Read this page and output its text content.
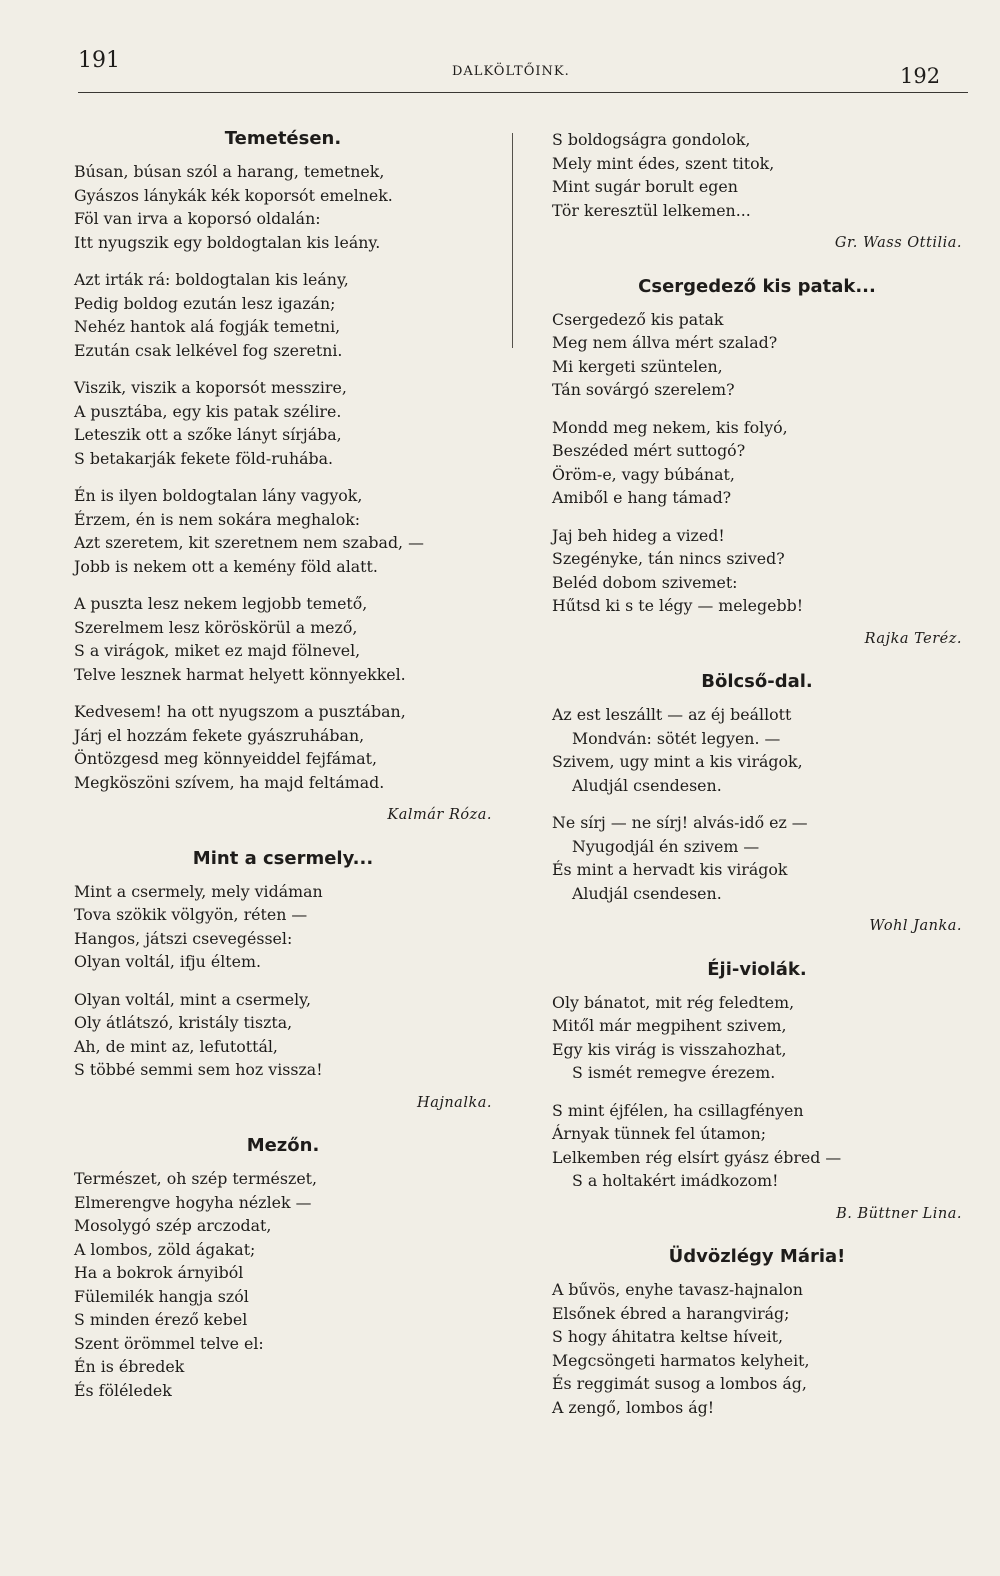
191	DALKÖLTŐINK.	192
Temetésen.
Búsan, búsan szól a harang, temetnek,
Gyászos lánykák kék koporsót emelnek.
Föl van irva a koporsó oldalán:
Itt nyugszik egy boldogtalan kis leány.
Azt irták rá: boldogtalan kis leány,
Pedig boldog ezután lesz igazán;
Nehéz hantok alá fogják temetni,
Ezután csak lelkével fog szeretni.
Viszik, viszik a koporsót messzire,
A pusztába, egy kis patak szélire.
Leteszik ott a szőke lányt sírjába,
S betakarják fekete föld-ruhába.
Én is ilyen boldogtalan lány vagyok,
Érzem, én is nem sokára meghalok:
Azt szeretem, kit szeretnem nem szabad, —
Jobb is nekem ott a kemény föld alatt.
A puszta lesz nekem legjobb temető,
Szerelmem lesz köröskörül a mező,
S a virágok, miket ez majd fölnevel,
Telve lesznek harmat helyett könnyekkel.
Kedvesem! ha ott nyugszom a pusztában,
Járj el hozzám fekete gyászruhában,
Öntözgesd meg könnyeiddel fejfámat,
Megköszöni szívem, ha majd feltámad.
Kalmár Róza.
Mint a csermely...
Mint a csermely, mely vidáman
Tova szökik völgyön, réten —
Hangos, játszi csevegéssel:
Olyan voltál, ifju éltem.
Olyan voltál, mint a csermely,
Oly átlátszó, kristály tiszta,
Ah, de mint az, lefutottál,
S többé semmi sem hoz vissza!
Hajnalka.
Mezőn.
Természet, oh szép természet,
Elmerengve hogyha nézlek —
Mosolygó szép arczodat,
A lombos, zöld ágakat;
Ha a bokrok árnyiból
Fülemilék hangja szól
S minden érező kebel
Szent örömmel telve el:
Én is ébredek
És föléledek
S boldogságra gondolok,
Mely mint édes, szent titok,
Mint sugár borult egen
Tör keresztül lelkemen...
Gr. Wass Ottilia.
Csergedező kis patak...
Csergedező kis patak
Meg nem állva mért szalad?
Mi kergeti szüntelen,
Tán sovárgó szerelem?
Mondd meg nekem, kis folyó,
Beszéded mért suttogó?
Öröm-e, vagy búbánat,
Amiből e hang támad?
Jaj beh hideg a vized!
Szegényke, tán nincs szived?
Beléd dobom szivemet:
Hűtsd ki s te légy — melegebb!
Rajka Teréz.
Bölcső-dal.
Az est leszállt — az éj beállott
Mondván: sötét legyen. —
Szivem, ugy mint a kis virágok,
Aludjál csendesen.
Ne sírj — ne sírj! alvás-idő ez —
Nyugodjál én szivem —
És mint a hervadt kis virágok
Aludjál csendesen.
Wohl Janka.
Éji-violák.
Oly bánatot, mit rég feledtem,
Mitől már megpihent szivem,
Egy kis virág is visszahozhat,
S ismét remegve érezem.
S mint éjfélen, ha csillagfényen
Árnyak tünnek fel útamon;
Lelkemben rég elsírt gyász ébred —
S a holtakért imádkozom!
B. Büttner Lina.
Üdvözlégy Mária!
A bűvös, enyhe tavasz-hajnalon
Elsőnek ébred a harangvirág;
S hogy áhitatra keltse híveit,
Megcsöngeti harmatos kelyheit,
És reggimát susog a lombos ág,
A zengő, lombos ág!
